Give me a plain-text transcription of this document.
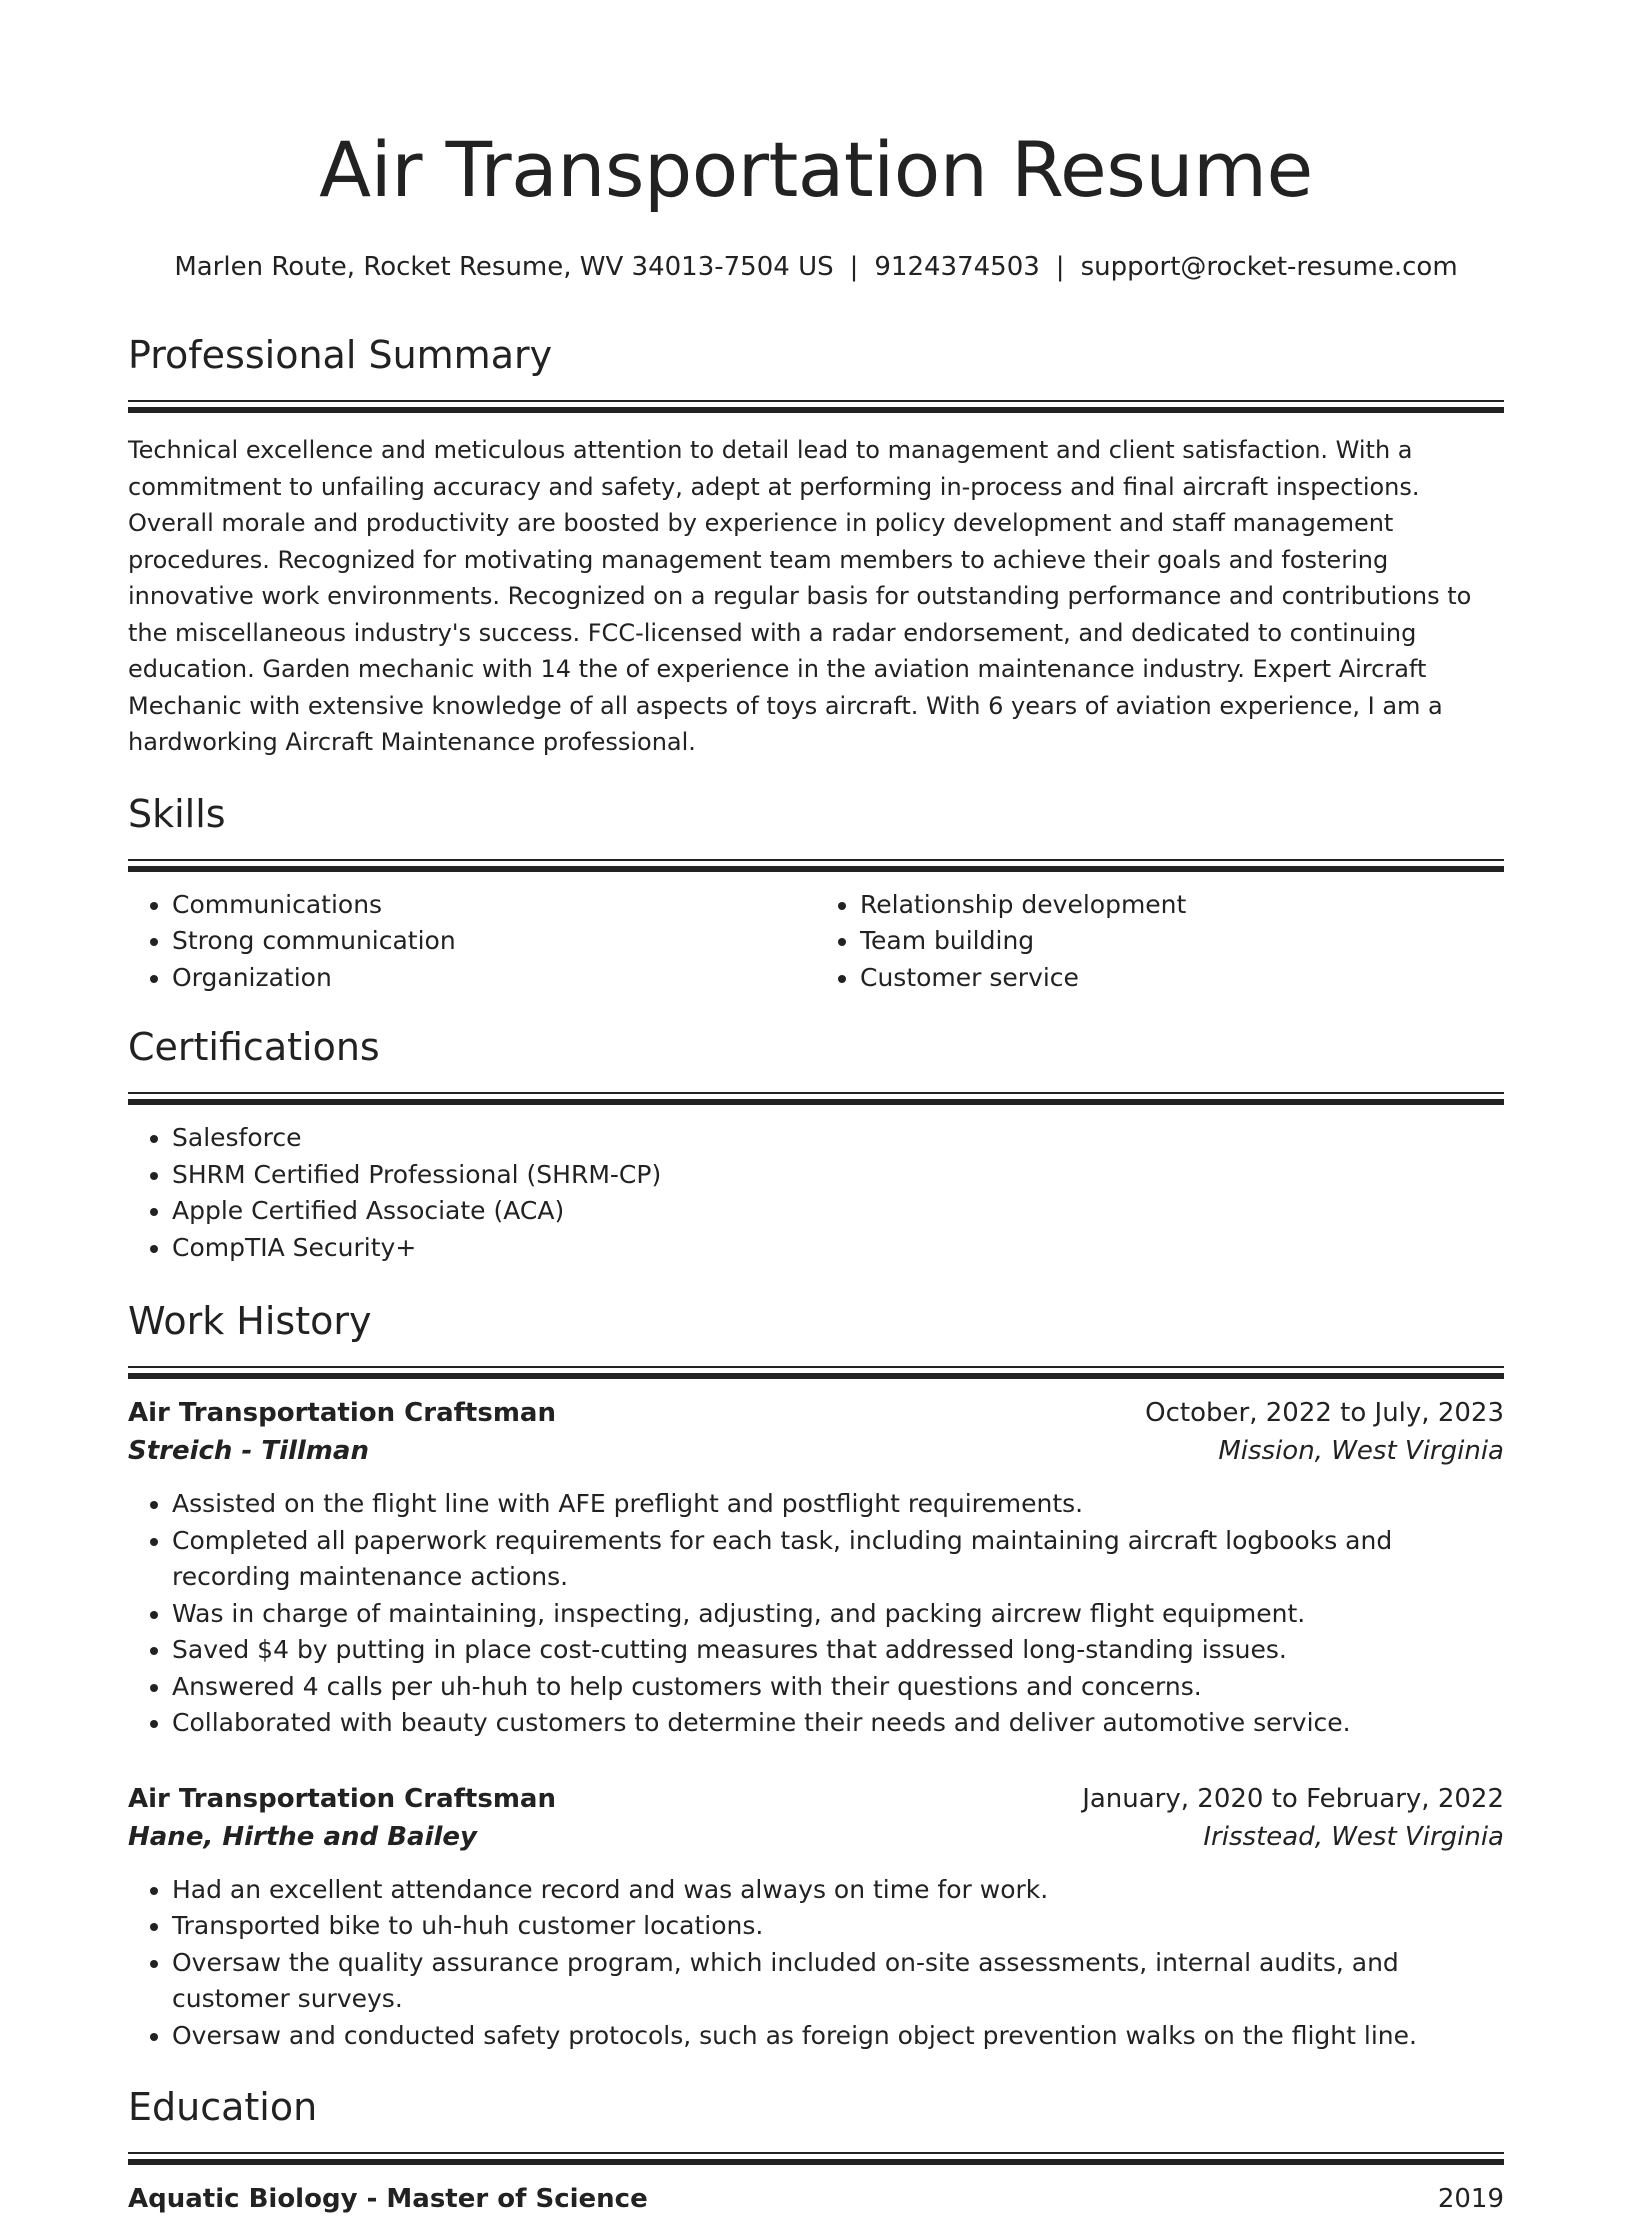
Air Transportation Resume
Marlen Route, Rocket Resume, WV 34013-7504 US | 9124374503 | support@rocket-resume.com
Professional Summary
Technical excellence and meticulous attention to detail lead to management and client satisfaction. With a commitment to unfailing accuracy and safety, adept at performing in-process and final aircraft inspections. Overall morale and productivity are boosted by experience in policy development and staff management procedures. Recognized for motivating management team members to achieve their goals and fostering innovative work environments. Recognized on a regular basis for outstanding performance and contributions to the miscellaneous industry's success. FCC-licensed with a radar endorsement, and dedicated to continuing education. Garden mechanic with 14 the of experience in the aviation maintenance industry. Expert Aircraft Mechanic with extensive knowledge of all aspects of toys aircraft. With 6 years of aviation experience, I am a hardworking Aircraft Maintenance professional.
Skills
• Communications
• Strong communication
• Organization
• Relationship development
• Team building
• Customer service
Certifications
• Salesforce
• SHRM Certified Professional (SHRM-CP)
• Apple Certified Associate (ACA)
• CompTIA Security+
Work History
Air Transportation Craftsman	October, 2022 to July, 2023
Streich - Tillman	Mission, West Virginia
• Assisted on the flight line with AFE preflight and postflight requirements.
• Completed all paperwork requirements for each task, including maintaining aircraft logbooks and recording maintenance actions.
• Was in charge of maintaining, inspecting, adjusting, and packing aircrew flight equipment.
• Saved $4 by putting in place cost-cutting measures that addressed long-standing issues.
• Answered 4 calls per uh-huh to help customers with their questions and concerns.
• Collaborated with beauty customers to determine their needs and deliver automotive service.
Air Transportation Craftsman	January, 2020 to February, 2022
Hane, Hirthe and Bailey	Irisstead, West Virginia
• Had an excellent attendance record and was always on time for work.
• Transported bike to uh-huh customer locations.
• Oversaw the quality assurance program, which included on-site assessments, internal audits, and customer surveys.
• Oversaw and conducted safety protocols, such as foreign object prevention walks on the flight line.
Education
Aquatic Biology - Master of Science	2019
